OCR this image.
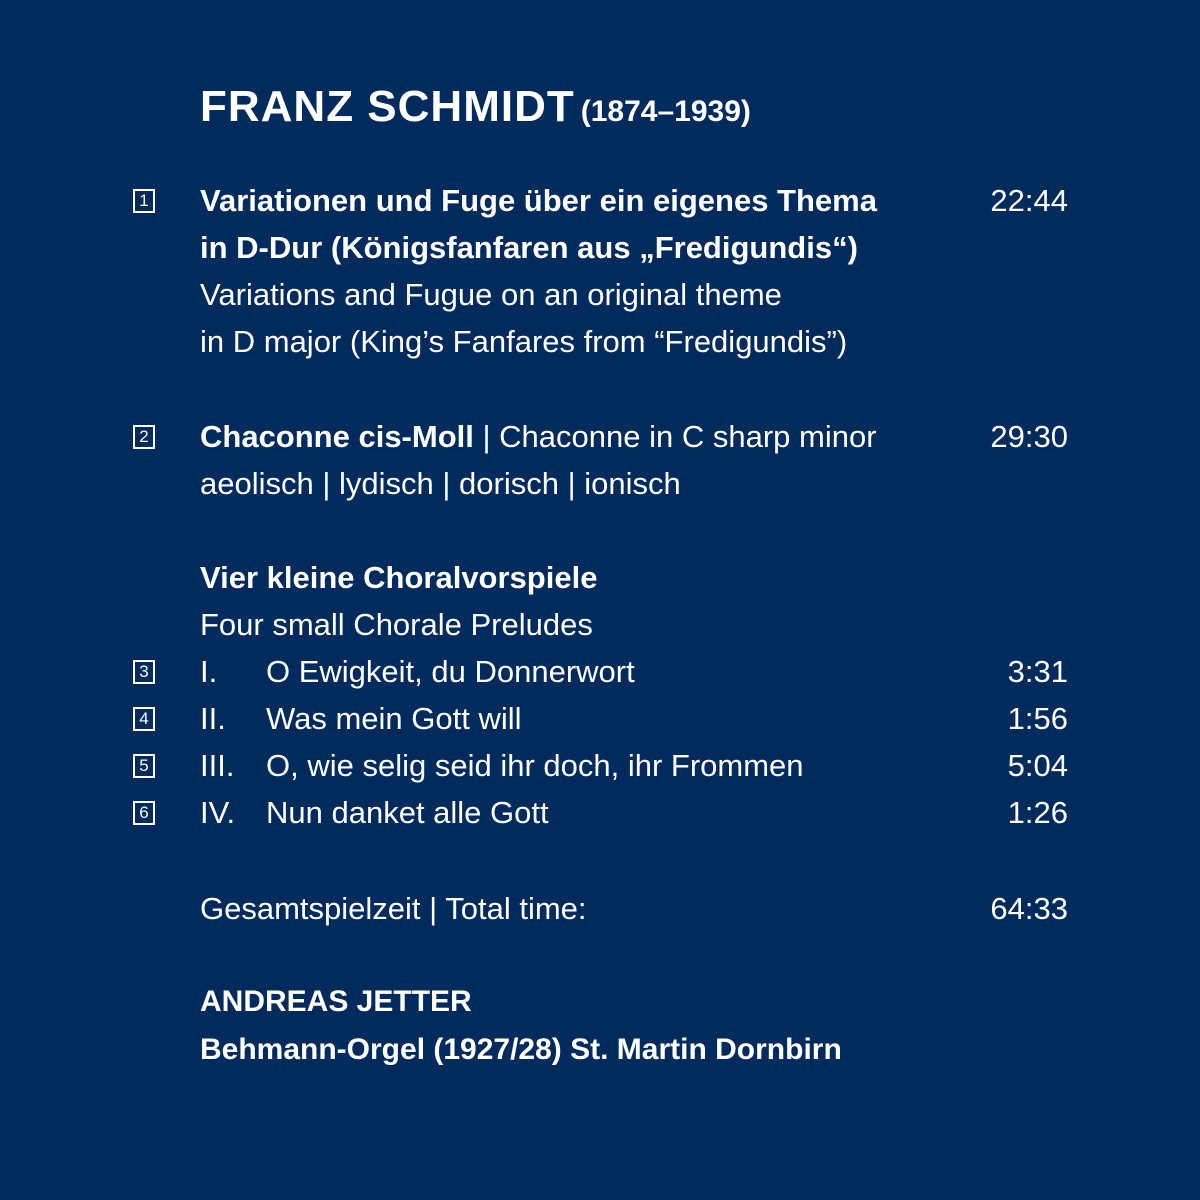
FRANZ SCHMIDT (1874–1939)
1 Variationen und Fuge über ein eigenes Thema
in D-Dur (Königsfanfaren aus „Fredigundis“)
Variations and Fugue on an original theme
in D major (King’s Fanfares from “Fredigundis”)
22:44
2 Chaconne cis-Moll | Chaconne in C sharp minor
aeolisch | lydisch | dorisch | ionisch
29:30
Vier kleine Choralvorspiele
Four small Chorale Preludes
3 I. O Ewigkeit, du Donnerwort	3:31
4 II. Was mein Gott will	1:56
5 III. O, wie selig seid ihr doch, ihr Frommen	5:04
6 IV. Nun danket alle Gott	1:26
Gesamtspielzeit | Total time:	64:33
ANDREAS JETTER
Behmann-Orgel (1927/28) St. Martin Dornbirn
